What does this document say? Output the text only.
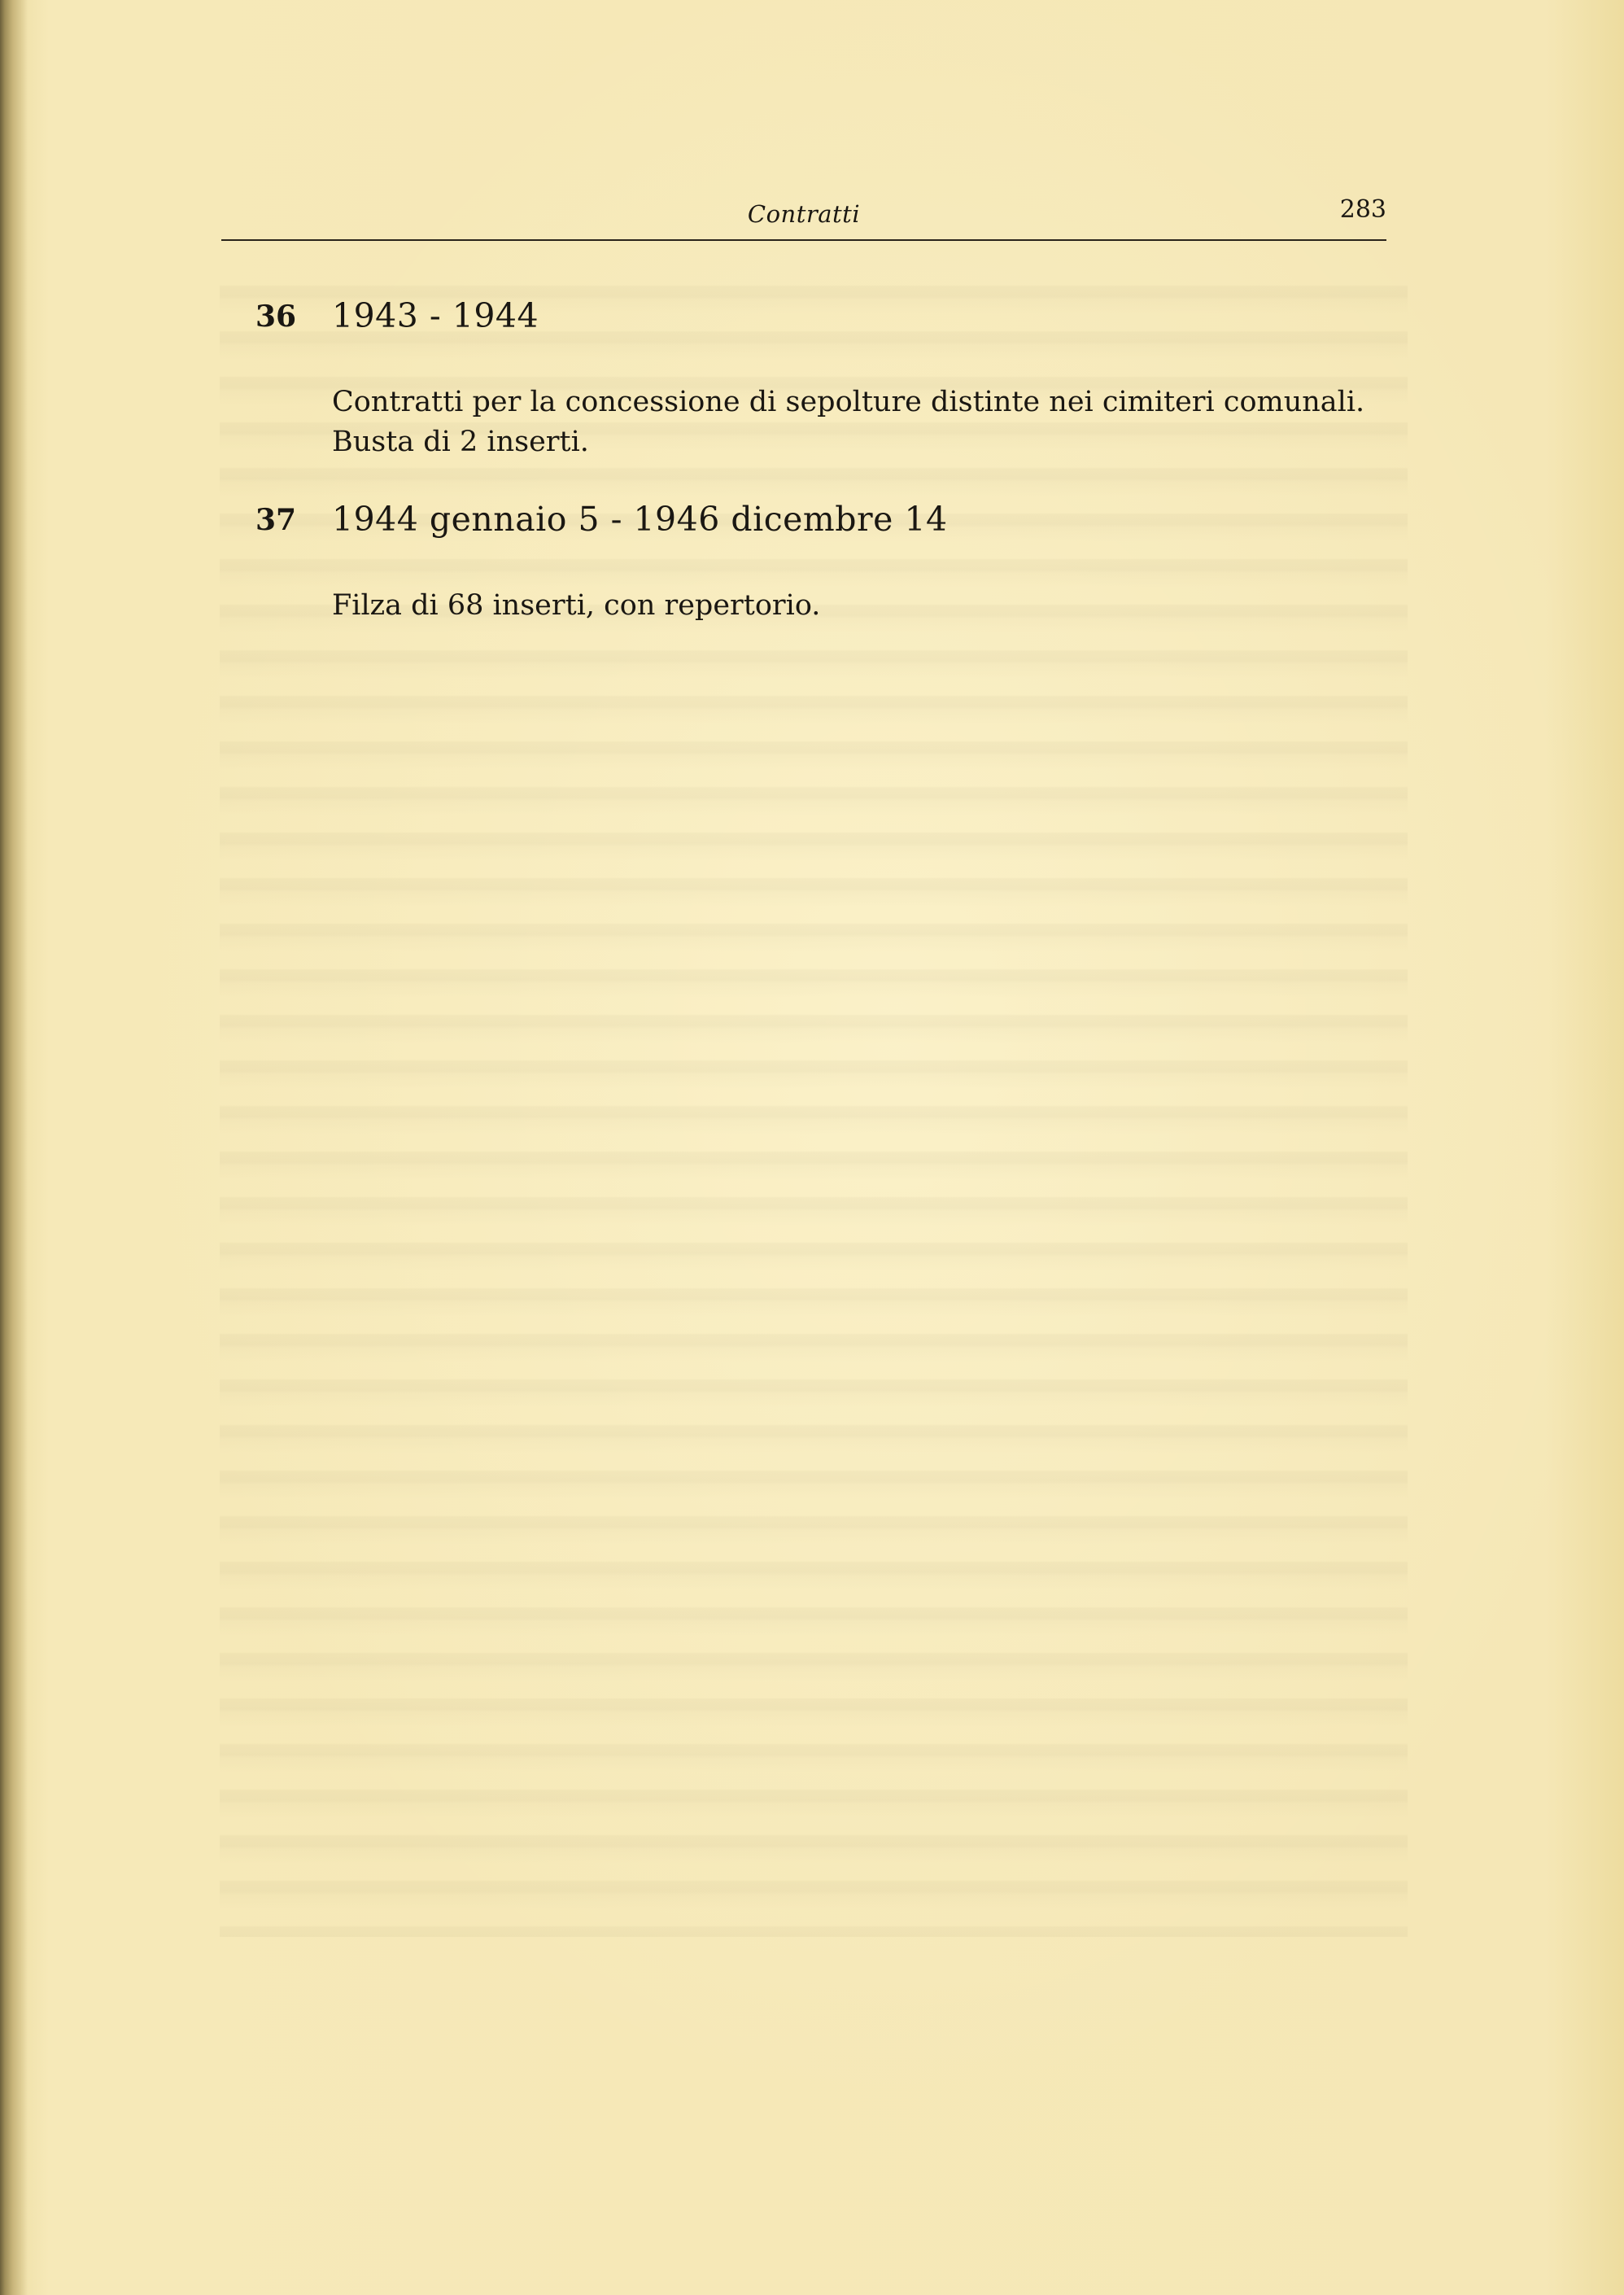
Contratti	283
36 1943 - 1944
Contratti per la concessione di sepolture distinte nei cimiteri comunali.
Busta di 2 inserti.
37 1944 gennaio 5 - 1946 dicembre 14
Filza di 68 inserti, con repertorio.
